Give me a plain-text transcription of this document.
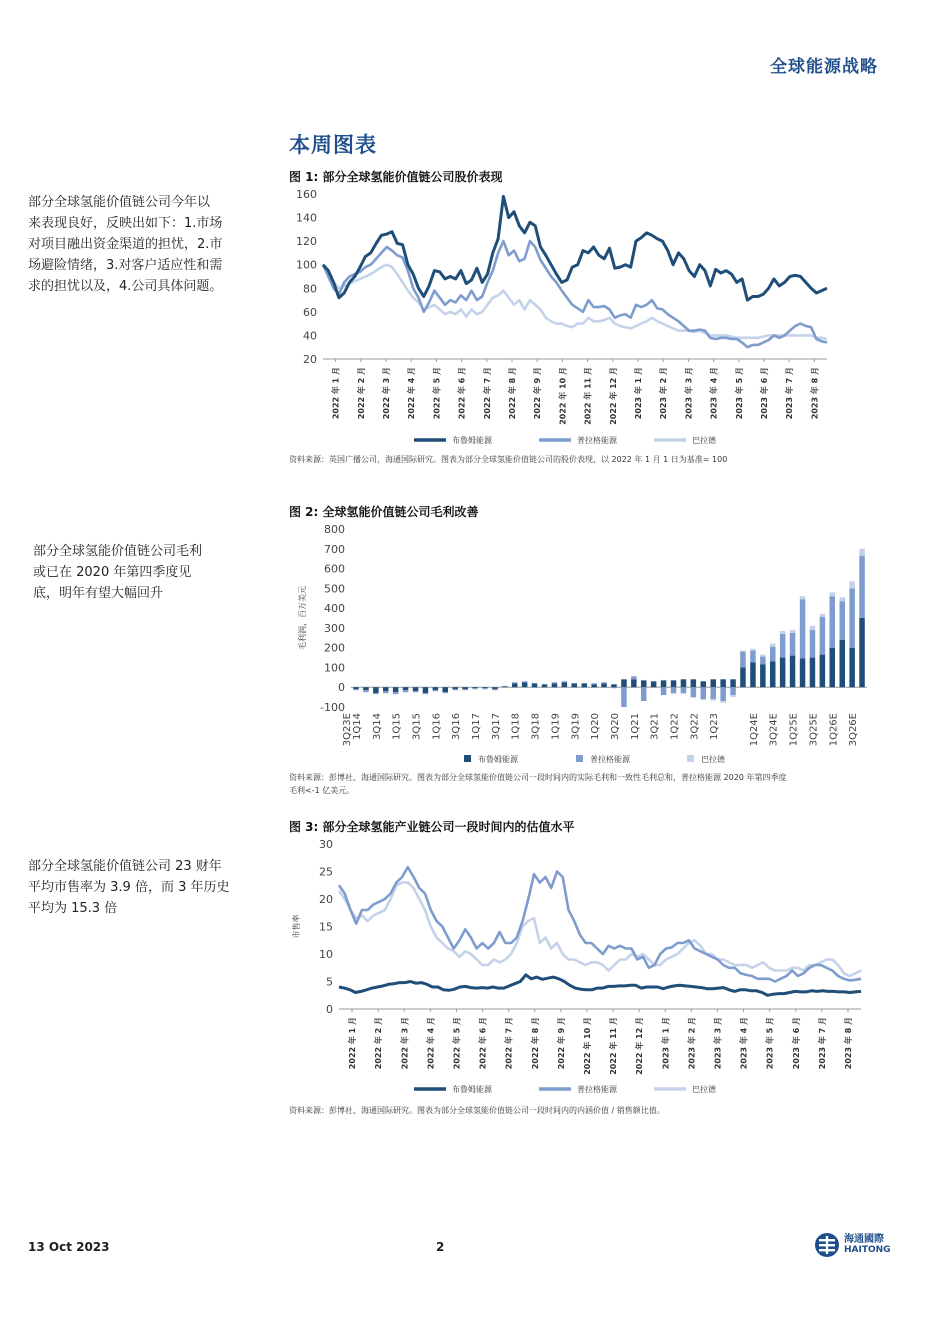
全球能源战略
本周图表
部分全球氢能价值链公司今年以
来表现良好，反映出如下：1.市场
对项目融出资金渠道的担忧，2.市
场避险情绪，3.对客户适应性和需
求的担忧以及，4.公司具体问题。
部分全球氢能价值链公司毛利
或已在 2020 年第四季度见
底，明年有望大幅回升
部分全球氢能价值链公司 23 财年
平均市售率为 3.9 倍，而 3 年历史
平均为 15.3 倍
图 1: 部分全球氢能价值链公司股价表现
20
40
60
80
100
120
140
160
2022 年 1 月 2022 年 2 月 2022 年 3 月 2022 年 4 月 2022 年 5 月 2022 年 6 月 2022 年 7 月 2022 年 8 月 2022 年 9 月 2022 年 10 月 2022 年 11 月 2022 年 12 月 2023 年 1 月 2023 年 2 月 2023 年 3 月 2023 年 4 月 2023 年 5 月 2023 年 6 月 2023 年 7 月 2023 年 8 月
布鲁姆能源	普拉格能源	巴拉德
资料来源：英国广播公司，海通国际研究。图表为部分全球氢能价值链公司的股价表现，以 2022 年 1 月 1 日为基准= 100
图 2: 全球氢能价值链公司毛利改善
-100
0
100
200
300
400
500
600
700
800
毛利润，百万美元
1Q14 3Q14 1Q15 3Q15 1Q16 3Q16 1Q17 3Q17 1Q18 3Q18 1Q19 3Q19 1Q20 3Q20 1Q21 3Q21 1Q22 3Q22 1Q23
3Q23E	1Q24E 3Q24E 1Q25E 3Q25E 1Q26E 3Q26E
布鲁姆能源	普拉格能源	巴拉德
资料来源：彭博社、海通国际研究。图表为部分全球氢能价值链公司一段时间内的实际毛利和一致性毛利总和，普拉格能源 2020 年第四季度
毛利<-1 亿美元。
图 3: 部分全球氢能产业链公司一段时间内的估值水平
0
5
10
15
20
25
30
市售率
2022 年 1 月 2022 年 2 月 2022 年 3 月 2022 年 4 月 2022 年 5 月 2022 年 6 月 2022 年 7 月 2022 年 8 月 2022 年 9 月 2022 年 10 月 2022 年 11 月 2022 年 12 月 2023 年 1 月 2023 年 2 月 2023 年 3 月 2023 年 4 月 2023 年 5 月 2023 年 6 月 2023 年 7 月 2023 年 8 月
布鲁姆能源	普拉格能源	巴拉德
资料来源：彭博社、海通国际研究。图表为部分全球氢能价值链公司一段时间内的内涵价值 / 销售额比值。
13 Oct 2023	2
海通國際
HAITONG
